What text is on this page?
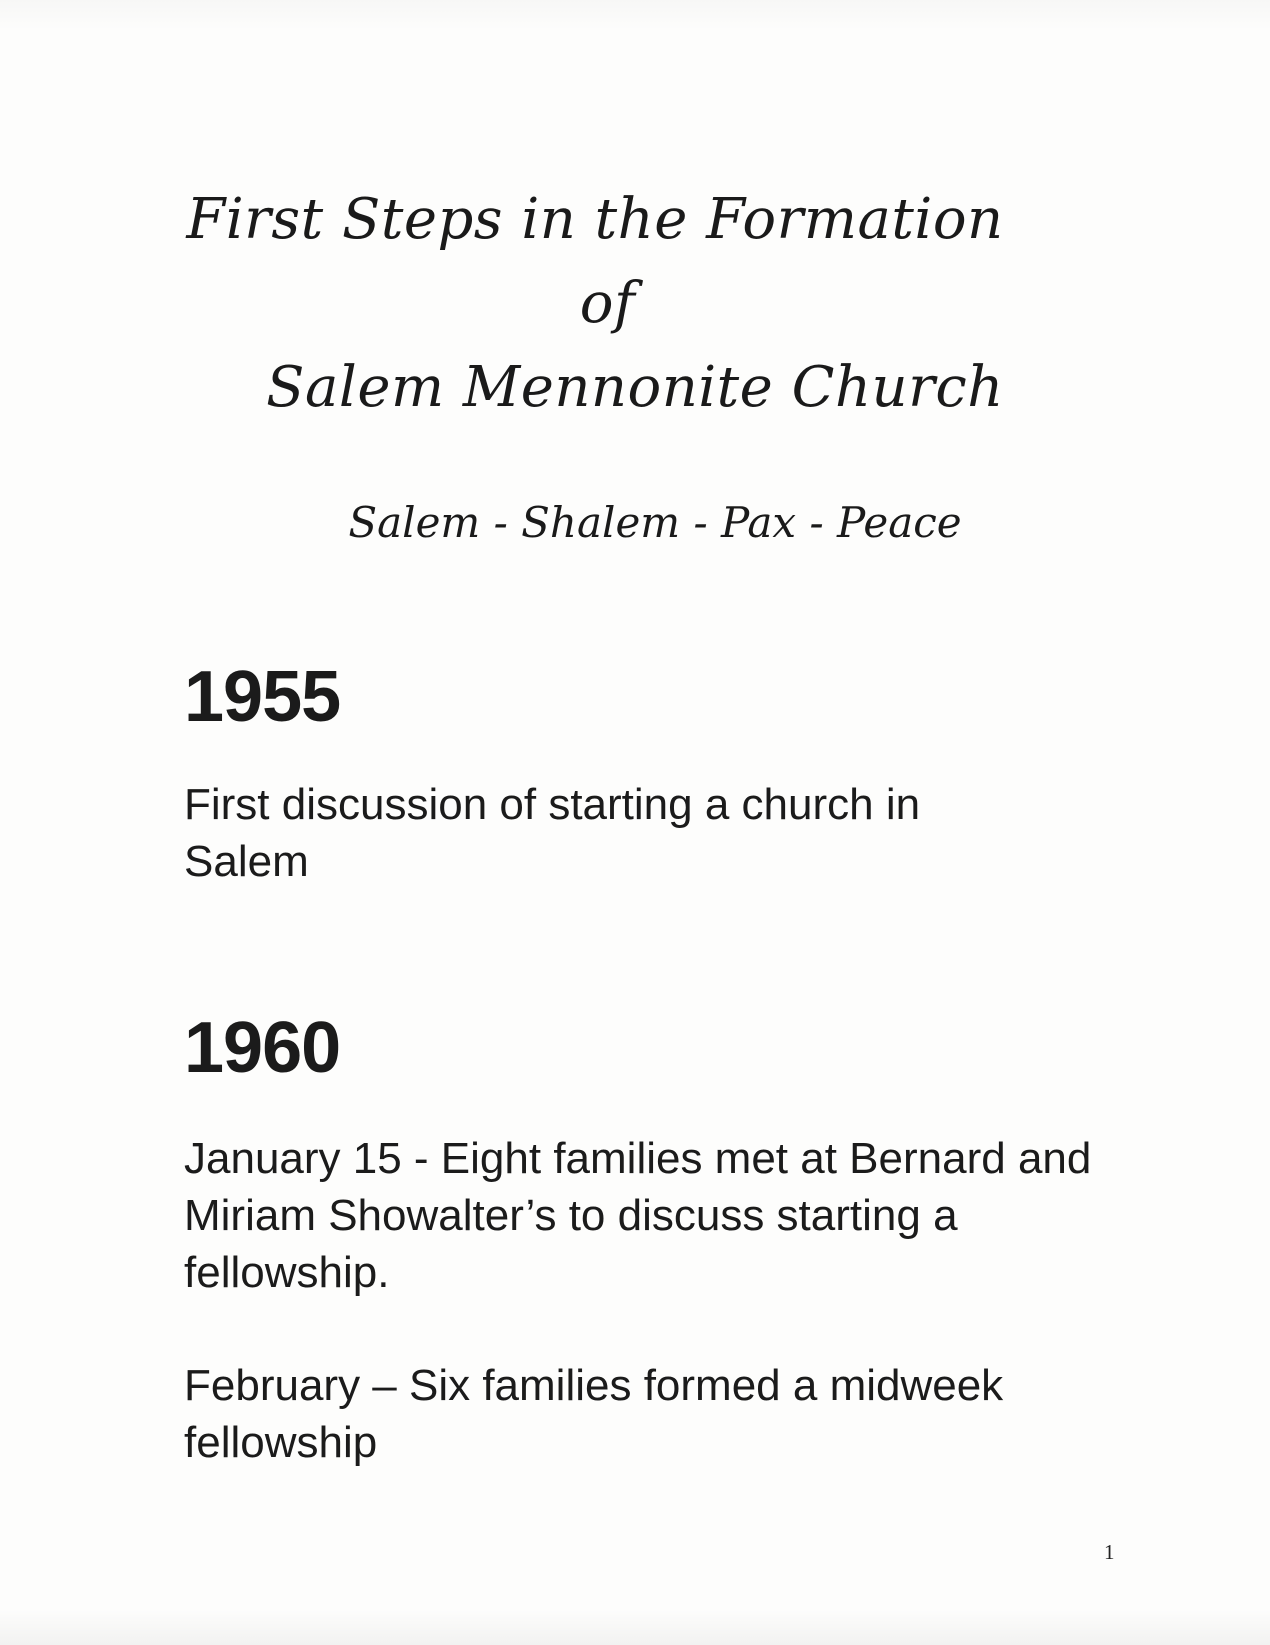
First Steps in the Formation
of
Salem Mennonite Church
Salem - Shalem - Pax - Peace
1955
First discussion of starting a church in Salem
1960
January 15 - Eight families met at Bernard and Miriam Showalter’s to discuss starting a fellowship.
February – Six families formed a midweek fellowship
1
